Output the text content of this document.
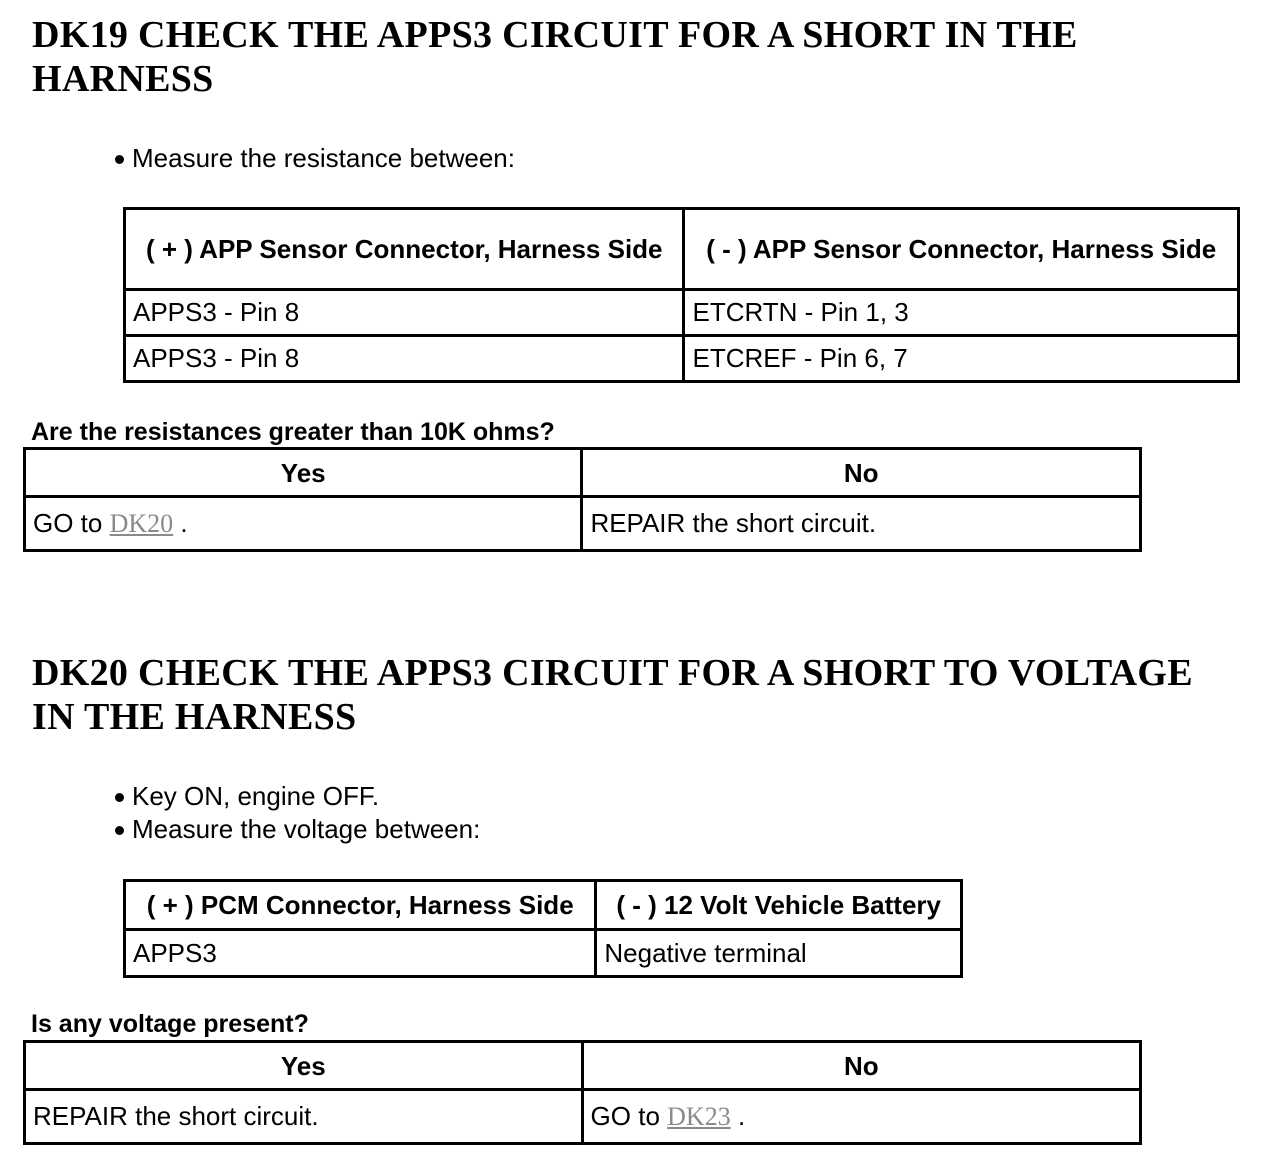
DK19 CHECK THE APPS3 CIRCUIT FOR A SHORT IN THE
HARNESS
Measure the resistance between:
( + ) APP Sensor Connector, Harness Side	( - ) APP Sensor Connector, Harness Side
APPS3 - Pin 8	ETCRTN - Pin 1, 3
APPS3 - Pin 8	ETCREF - Pin 6, 7
Are the resistances greater than 10K ohms?
Yes	No
GO to DK20 .	REPAIR the short circuit.
DK20 CHECK THE APPS3 CIRCUIT FOR A SHORT TO VOLTAGE
IN THE HARNESS
Key ON, engine OFF.
Measure the voltage between:
( + ) PCM Connector, Harness Side	( - ) 12 Volt Vehicle Battery
APPS3	Negative terminal
Is any voltage present?
Yes	No
REPAIR the short circuit.	GO to DK23 .
